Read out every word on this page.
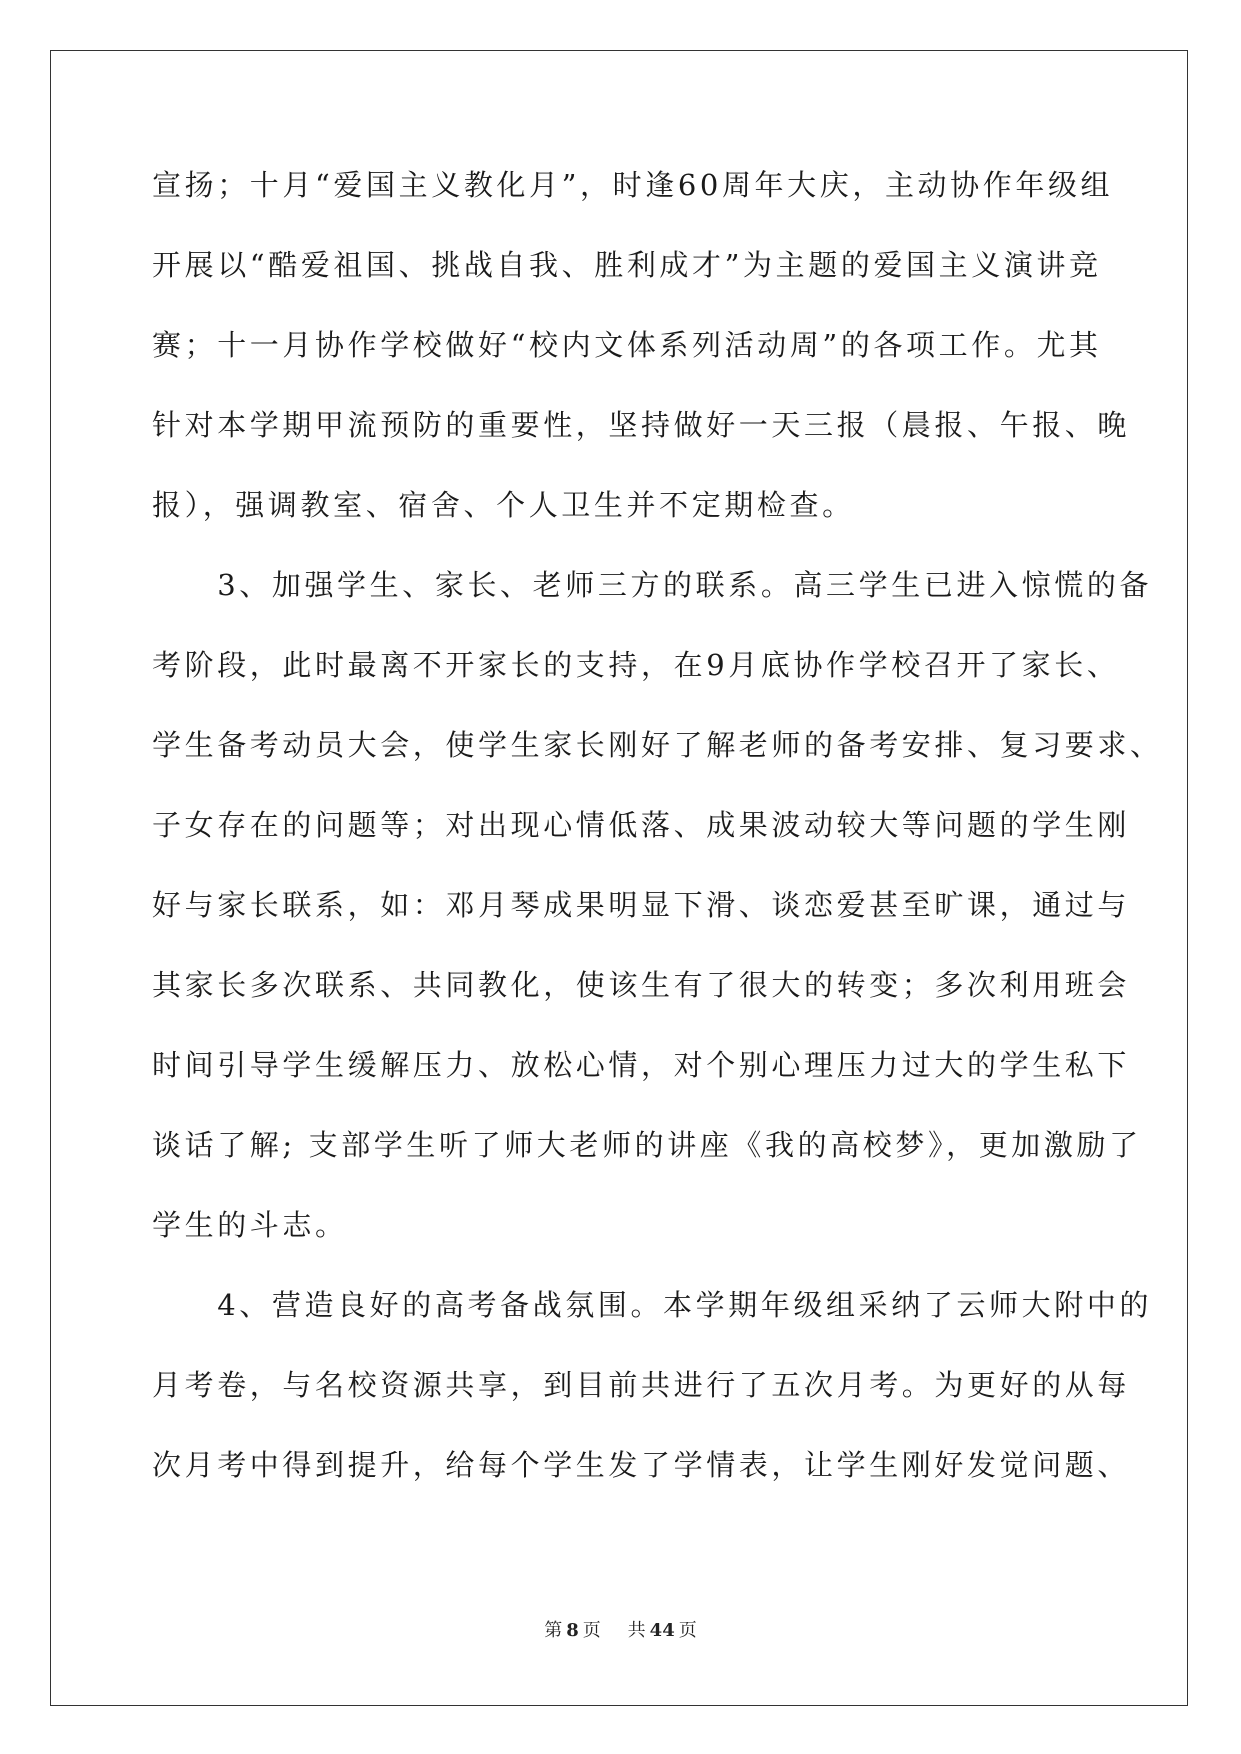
宣扬；十月“爱国主义教化月”，时逢60周年大庆，主动协作年级组
开展以“酷爱祖国、挑战自我、胜利成才”为主题的爱国主义演讲竞
赛；十一月协作学校做好“校内文体系列活动周”的各项工作。尤其
针对本学期甲流预防的重要性，坚持做好一天三报（晨报、午报、晚
报），强调教室、宿舍、个人卫生并不定期检查。
　　3、加强学生、家长、老师三方的联系。高三学生已进入惊慌的备
考阶段，此时最离不开家长的支持，在9月底协作学校召开了家长、
学生备考动员大会，使学生家长刚好了解老师的备考安排、复习要求、
子女存在的问题等；对出现心情低落、成果波动较大等问题的学生刚
好与家长联系，如：邓月琴成果明显下滑、谈恋爱甚至旷课，通过与
其家长多次联系、共同教化，使该生有了很大的转变；多次利用班会
时间引导学生缓解压力、放松心情，对个别心理压力过大的学生私下
谈话了解; 支部学生听了师大老师的讲座《我的高校梦》，更加激励了
学生的斗志。
　　4、营造良好的高考备战氛围。本学期年级组采纳了云师大附中的
月考卷，与名校资源共享，到目前共进行了五次月考。为更好的从每
次月考中得到提升，给每个学生发了学情表，让学生刚好发觉问题、
第 8 页 共 44 页
